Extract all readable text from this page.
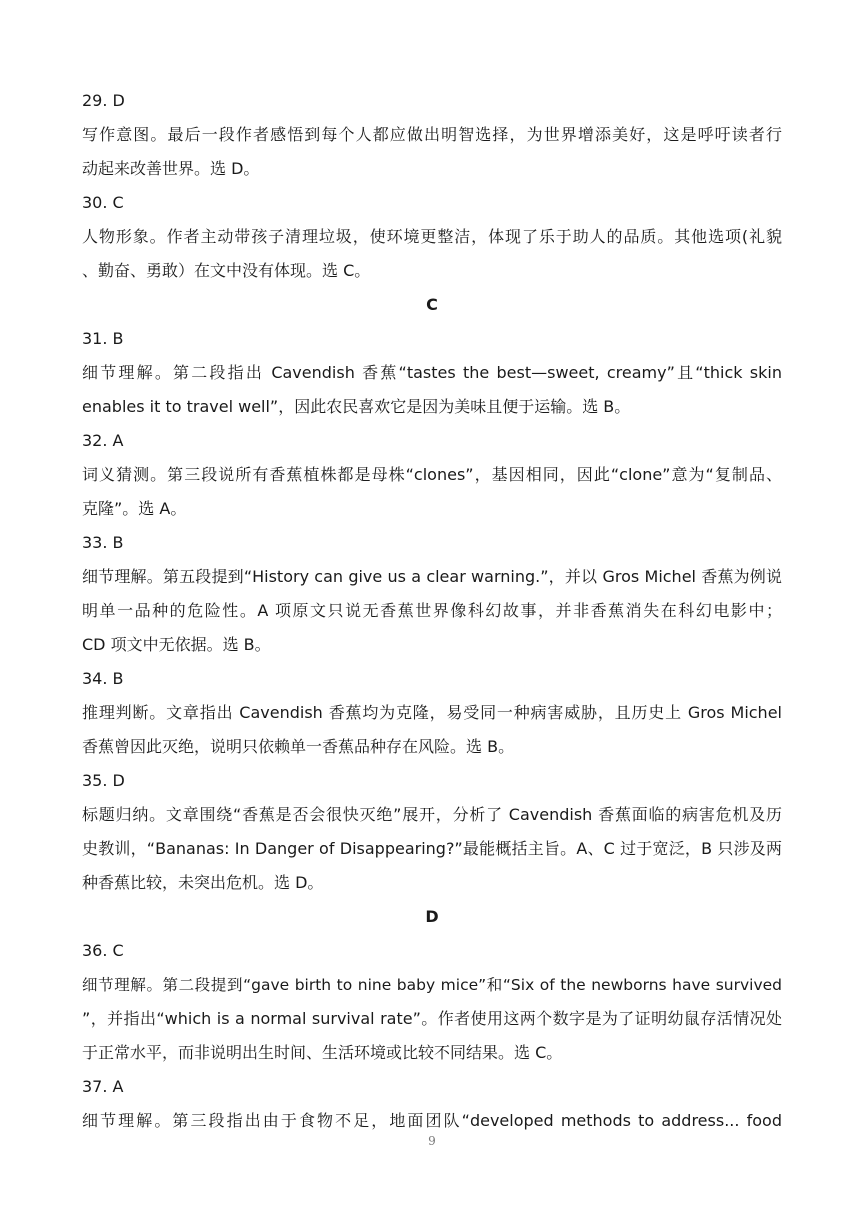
29. D
写作意图。最后一段作者感悟到每个人都应做出明智选择，为世界增添美好，这是呼吁读者行
动起来改善世界。选 D。
30. C
人物形象。作者主动带孩子清理垃圾，使环境更整洁，体现了乐于助人的品质。其他选项(礼貌
、勤奋、勇敢）在文中没有体现。选 C。
C
31. B
细节理解。第二段指出 Cavendish 香蕉“tastes the best—sweet, creamy”且“thick skin
enables it to travel well”，因此农民喜欢它是因为美味且便于运输。选 B。
32. A
词义猜测。第三段说所有香蕉植株都是母株“clones”，基因相同，因此“clone”意为“复制品、
克隆”。选 A。
33. B
细节理解。第五段提到“History can give us a clear warning.”，并以 Gros Michel 香蕉为例说
明单一品种的危险性。A 项原文只说无香蕉世界像科幻故事，并非香蕉消失在科幻电影中；
CD 项文中无依据。选 B。
34. B
推理判断。文章指出 Cavendish 香蕉均为克隆，易受同一种病害威胁，且历史上 Gros Michel
香蕉曾因此灭绝，说明只依赖单一香蕉品种存在风险。选 B。
35. D
标题归纳。文章围绕“香蕉是否会很快灭绝”展开，分析了 Cavendish 香蕉面临的病害危机及历
史教训，“Bananas: In Danger of Disappearing?”最能概括主旨。A、C 过于宽泛，B 只涉及两
种香蕉比较，未突出危机。选 D。
D
36. C
细节理解。第二段提到“gave birth to nine baby mice”和“Six of the newborns have survived
”，并指出“which is a normal survival rate”。作者使用这两个数字是为了证明幼鼠存活情况处
于正常水平，而非说明出生时间、生活环境或比较不同结果。选 C。
37. A
细节理解。第三段指出由于食物不足，地面团队“developed methods to address... food
9
